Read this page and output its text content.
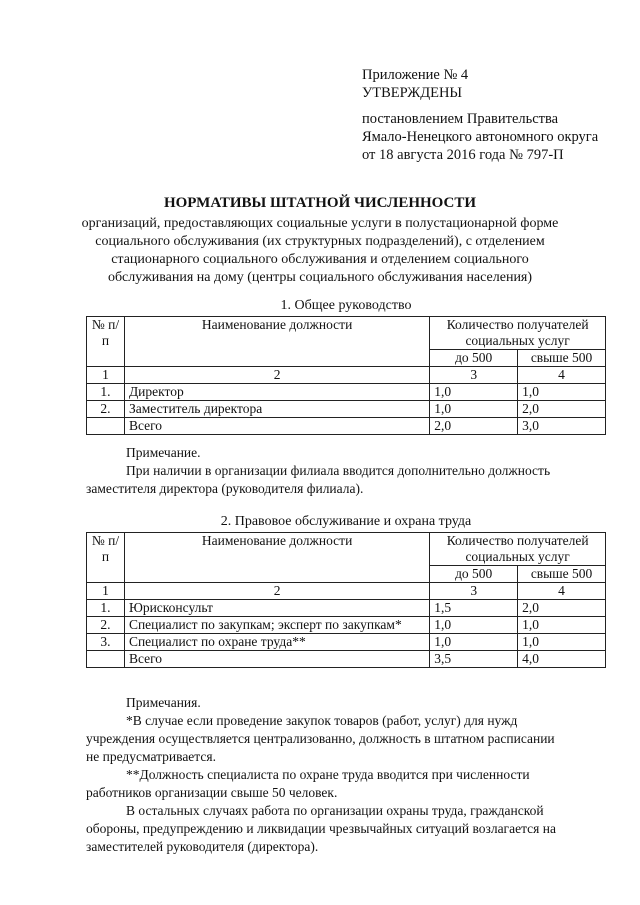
Приложение № 4
УТВЕРЖДЕНЫ
постановлением Правительства
Ямало-Ненецкого автономного округа
от 18 августа 2016 года № 797-П
НОРМАТИВЫ ШТАТНОЙ ЧИСЛЕННОСТИ
организаций, предоставляющих социальные услуги в полустационарной форме
социального обслуживания (их структурных подразделений), с отделением
стационарного социального обслуживания и отделением социального
обслуживания на дому (центры социального обслуживания населения)
1. Общее руководство
№ п/п	Наименование должности	Количество получателей социальных услуг	
		до 500	свыше 500
1	2	3	4
1.	Директор	1,0	1,0
2.	Заместитель директора	1,0	2,0
	Всего	2,0	3,0
Примечание.
При наличии в организации филиала вводится дополнительно должность
заместителя директора (руководителя филиала).
2. Правовое обслуживание и охрана труда
№ п/п	Наименование должности	Количество получателей социальных услуг	
		до 500	свыше 500
1	2	3	4
1.	Юрисконсульт	1,5	2,0
2.	Специалист по закупкам; эксперт по закупкам*	1,0	1,0
3.	Специалист по охране труда**	1,0	1,0
	Всего	3,5	4,0
Примечания.
*В случае если проведение закупок товаров (работ, услуг) для нужд
учреждения осуществляется централизованно, должность в штатном расписании
не предусматривается.
**Должность специалиста по охране труда вводится при численности
работников организации свыше 50 человек.
В остальных случаях работа по организации охраны труда, гражданской
обороны, предупреждению и ликвидации чрезвычайных ситуаций возлагается на
заместителей руководителя (директора).
